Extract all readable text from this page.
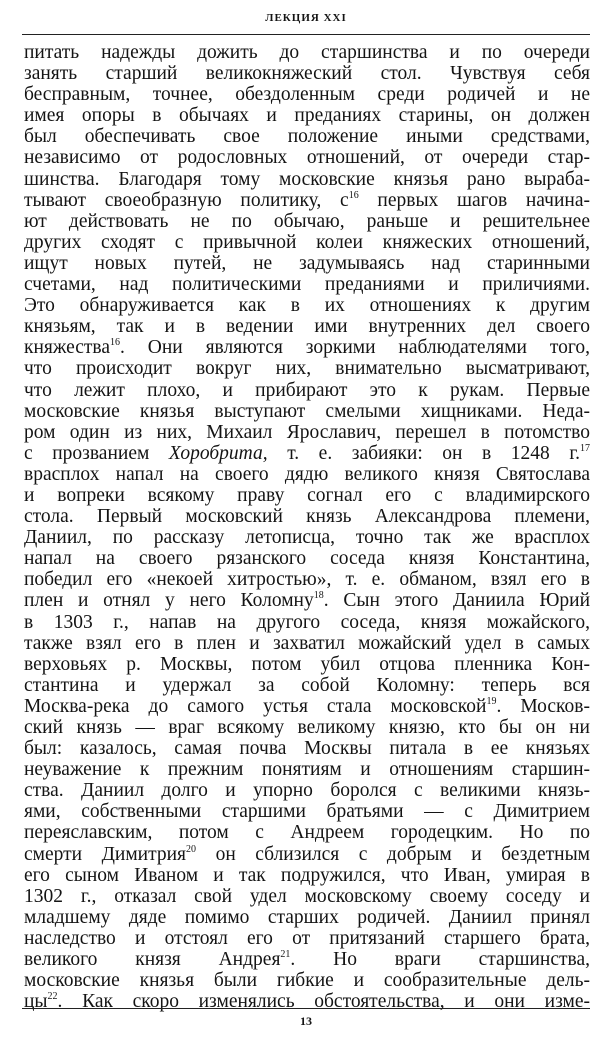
ЛЕКЦИЯ XXI
питать надежды дожить до старшинства и по очереди
занять старший великокняжеский стол. Чувствуя себя
бесправным, точнее, обездоленным среди родичей и не
имея опоры в обычаях и преданиях старины, он должен
был обеспечивать свое положение иными средствами,
независимо от родословных отношений, от очереди стар-
шинства. Благодаря тому московские князья рано выраба-
тывают своеобразную политику, $с^{16}$ первых шагов начина-
ют действовать не по обычаю, раньше и решительнее
других сходят с привычной колеи княжеских отношений,
ищут новых путей, не задумываясь над старинными
счетами, над политическими преданиями и приличиями.
Это обнаруживается как в их отношениях к другим
князьям, так и в ведении ими внутренних дел своего
княжества$^{16}$. Они являются зоркими наблюдателями того,
что происходит вокруг них, внимательно высматривают,
что лежит плохо, и прибирают это к рукам. Первые
московские князья выступают смелыми хищниками. Неда-
ром один из них, Михаил Ярославич, перешел в потомство
с прозванием Хоробрита, т. е. забияки: он в 1248 г.$^{17}$
врасплох напал на своего дядю великого князя Святослава
и вопреки всякому праву согнал его с владимирского
стола. Первый московский князь Александрова племени,
Даниил, по рассказу летописца, точно так же врасплох
напал на своего рязанского соседа князя Константина,
победил его «некоей хитростью», т. е. обманом, взял его в
плен и отнял у него Коломну$^{18}$. Сын этого Даниила Юрий
в 1303 г., напав на другого соседа, князя можайского,
также взял его в плен и захватил можайский удел в самых
верховьях р. Москвы, потом убил отцова пленника Кон-
стантина и удержал за собой Коломну: теперь вся
Москва-река до самого устья стала московской$^{19}$. Москов-
ский князь — враг всякому великому князю, кто бы он ни
был: казалось, самая почва Москвы питала в ее князьях
неуважение к прежним понятиям и отношениям старшин-
ства. Даниил долго и упорно боролся с великими князь-
ями, собственными старшими братьями — с Димитрием
переяславским, потом с Андреем городецким. Но по
смерти Димитрия$^{20}$ он сблизился с добрым и бездетным
его сыном Иваном и так подружился, что Иван, умирая в
1302 г., отказал свой удел московскому своему соседу и
младшему дяде помимо старших родичей. Даниил принял
наследство и отстоял его от притязаний старшего брата,
великого князя Андрея$^{21}$. Но враги старшинства,
московские князья были гибкие и сообразительные дель-
$цы^{22}$. Как скоро изменялись обстоятельства, и они изме-
13
